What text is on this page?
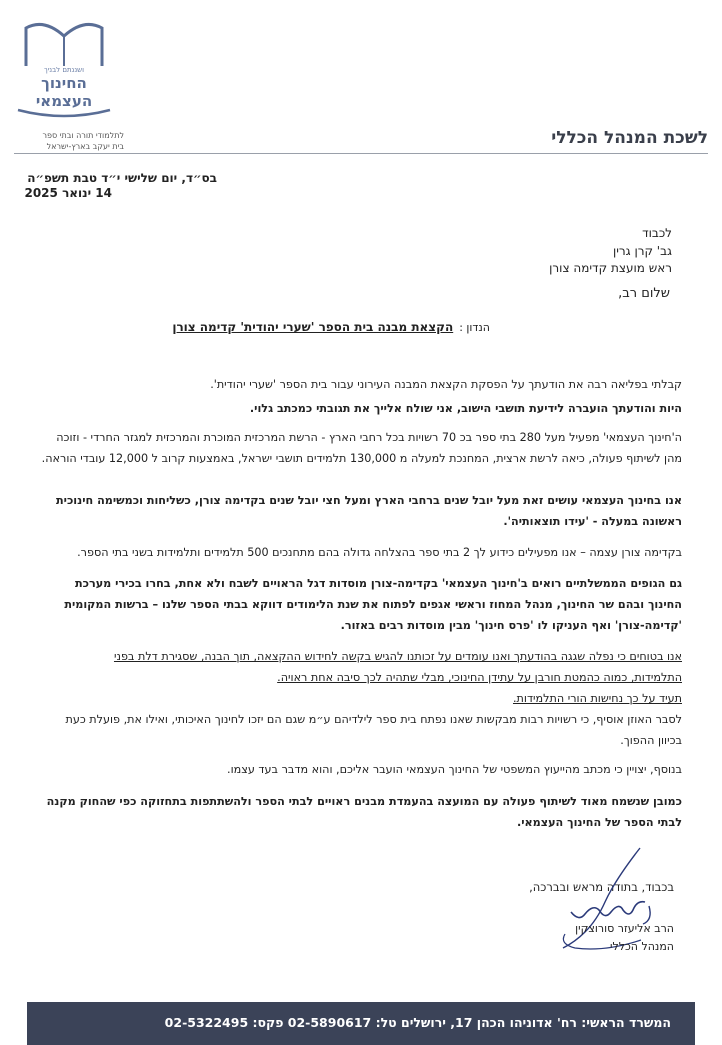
ושננתם לבניך
החינוך
העצמאי
לתלמודי תורה ובתי ספר
בית יעקב בארץ-ישראל	לשכת המנהל הכללי
בס״ד, יום שלישי י״ד טבת תשפ״ה
14 ינואר 2025
לכבוד
גב' קרן גרין
ראש מועצת קדימה צורן
שלום רב,
הנדון :הקצאת מבנה בית הספר 'שערי יהודית' קדימה צורן
קבלתי בפליאה רבה את הודעתך על הפסקת הקצאת המבנה העירוני עבור בית הספר 'שערי יהודית'.
היות והודעתך הועברה לידיעת תושבי הישוב, אני שולח אלייך את תגובתי כמכתב גלוי.
ה'חינוך העצמאי' מפעיל מעל 280 בתי ספר בכ 70 רשויות בכל רחבי הארץ - הרשת המרכזית המוכרת והמרכזית למגזר החרדי - וזוכה מהן לשיתוף פעולה, כיאה לרשת ארצית, המחנכת למעלה מ 130,000 תלמידים תושבי ישראל, באמצעות קרוב ל 12,000 עובדי הוראה.
אנו בחינוך העצמאי עושים זאת מעל יובל שנים ברחבי הארץ ומעל חצי יובל שנים בקדימה צורן, כשליחות וכמשימה חינוכית ראשונה במעלה - 'עידו תוצאותיה'.
בקדימה צורן עצמה – אנו מפעילים כידוע לך 2 בתי ספר בהצלחה גדולה בהם מתחנכים 500 תלמידים ותלמידות בשני בתי הספר.
גם הגופים הממשלתיים רואים ב'חינוך העצמאי' בקדימה-צורן מוסדות דגל הראויים לשבח ולא אחת, בחרו בכירי מערכת החינוך ובהם שר החינוך, מנהל המחוז וראשי אגפים לפתוח את שנת הלימודים דווקא בבתי הספר שלנו – ברשות המקומית 'קדימה-צורן' ואף העניקו לו 'פרס חינוך' מבין מוסדות רבים באזור.
אנו בטוחים כי נפלה שגגה בהודעתך ואנו עומדים על זכותנו להגיש בקשה לחידוש ההקצאה, תוך הבנה, שסגירת דלת בפני
התלמידות, כמוה כהמטת חורבן על עתידן החינוכי, מבלי שתהיה לכך סיבה אחת ראויה.
תעיד על כך נחישות הורי התלמידות.
לסבר האוזן אוסיף, כי רשויות רבות מבקשות שאנו נפתח בית ספר לילדיהם ע״מ שגם הם יזכו לחינוך האיכותי, ואילו את, פועלת כעת בכיוון ההפוך.
בנוסף, יצויין כי מכתב מהייעוץ המשפטי של החינוך העצמאי הועבר אליכם, והוא מדבר בעד עצמו.
כמובן שנשמח מאוד לשיתוף פעולה עם המועצה בהעמדת מבנים ראויים לבתי הספר ולהשתתפות בתחזוקה כפי שהחוק מקנה לבתי הספר של החינוך העצמאי.
בכבוד, בתודה מראש ובברכה,
הרב אליעזר סורוצקין
המנהל הכללי
המשרד הראשי: רח' אדוניהו הכהן 17, ירושלים טל: 02-5890617 פקס: 02-5322495
